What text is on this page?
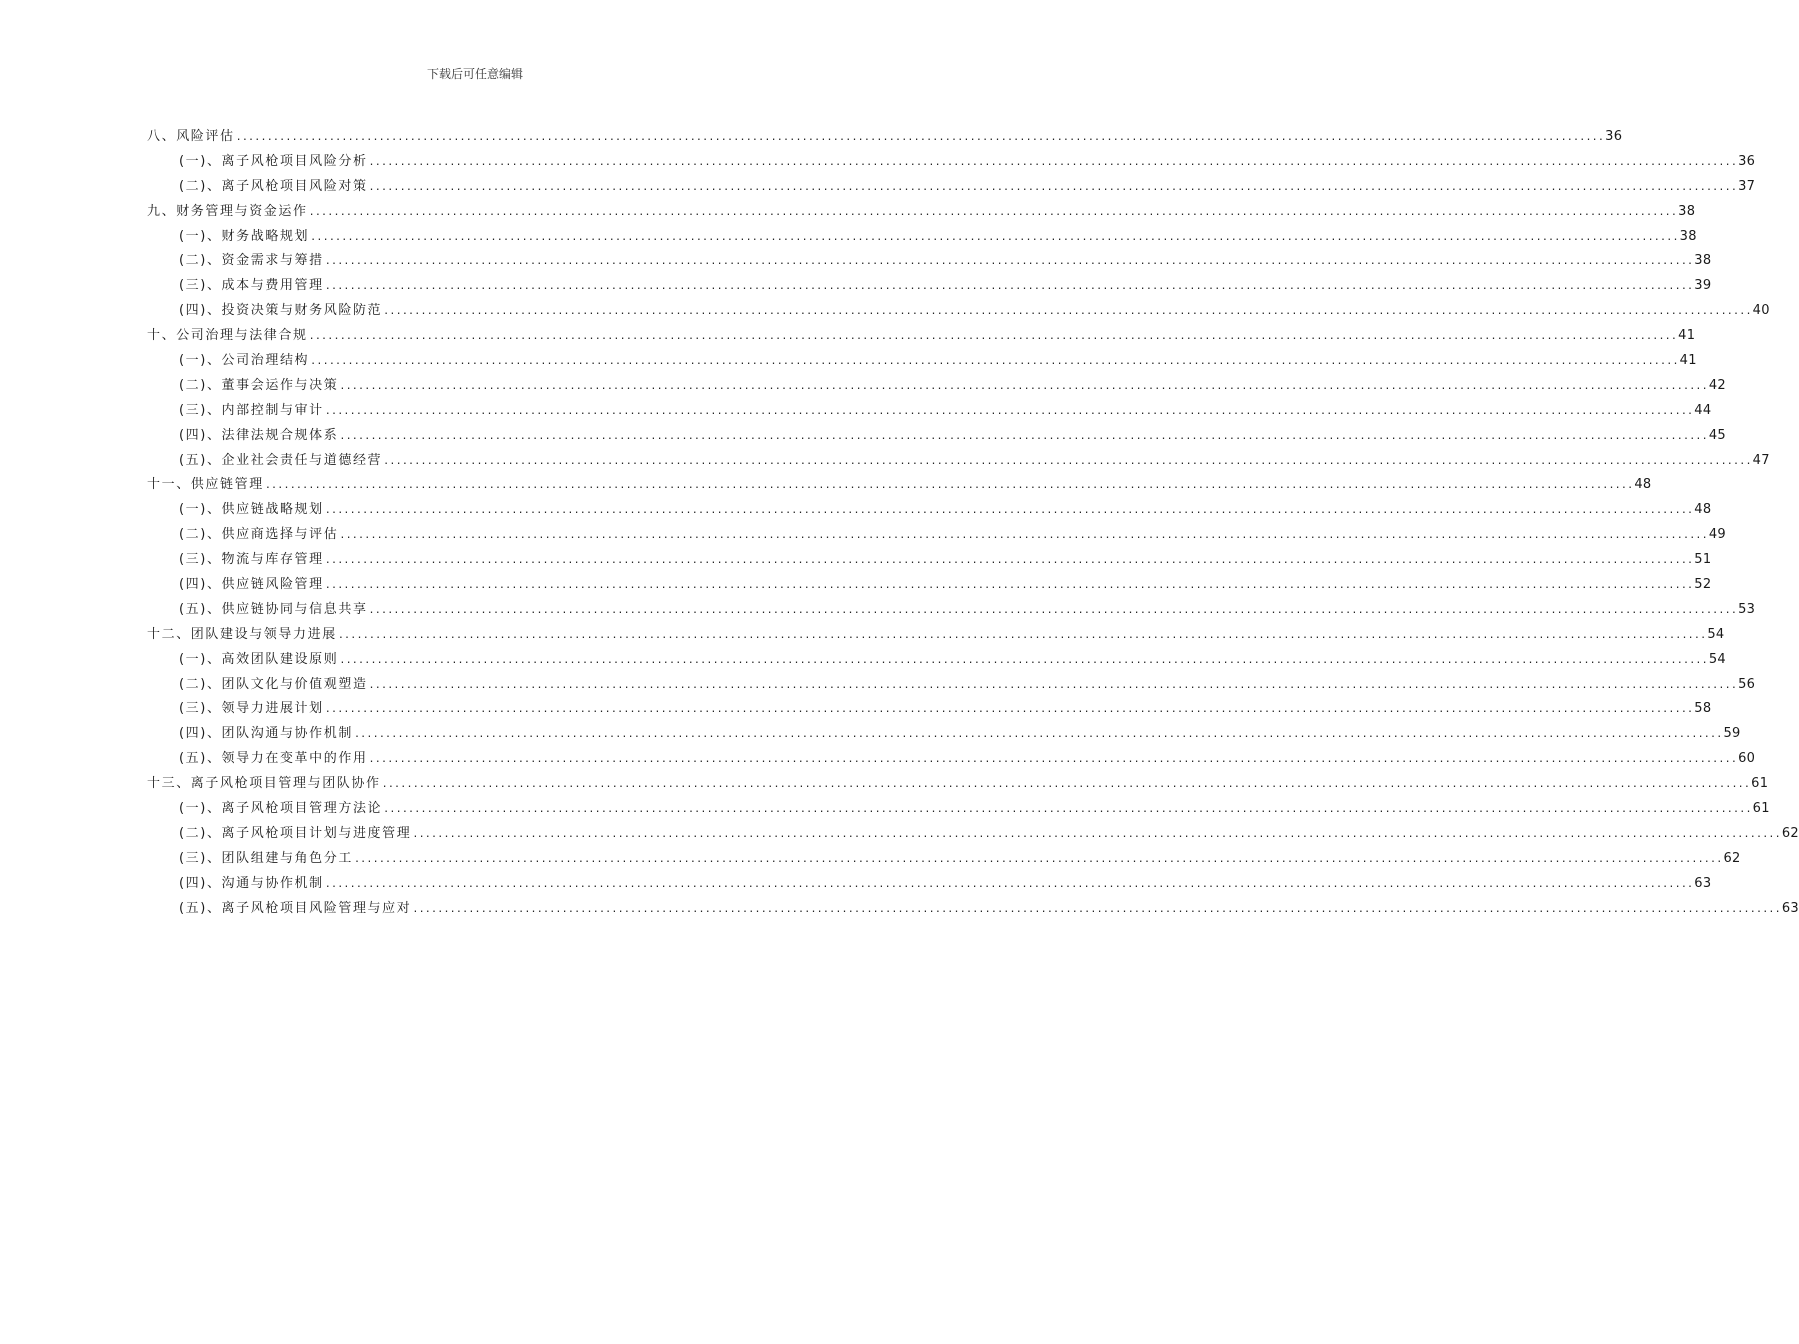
下载后可任意编辑
八、风险评估 ............................................................................................................................................................................................................................ 36
(一)、离子风枪项目风险分析 ............................................................................................................................................................................................................................ 36
(二)、离子风枪项目风险对策 ............................................................................................................................................................................................................................ 37
九、财务管理与资金运作 ............................................................................................................................................................................................................................ 38
(一)、财务战略规划 ............................................................................................................................................................................................................................ 38
(二)、资金需求与筹措 ............................................................................................................................................................................................................................ 38
(三)、成本与费用管理 ............................................................................................................................................................................................................................ 39
(四)、投资决策与财务风险防范 ............................................................................................................................................................................................................................ 40
十、公司治理与法律合规 ............................................................................................................................................................................................................................ 41
(一)、公司治理结构 ............................................................................................................................................................................................................................ 41
(二)、董事会运作与决策 ............................................................................................................................................................................................................................ 42
(三)、内部控制与审计 ............................................................................................................................................................................................................................ 44
(四)、法律法规合规体系 ............................................................................................................................................................................................................................ 45
(五)、企业社会责任与道德经营 ............................................................................................................................................................................................................................ 47
十一、供应链管理 ............................................................................................................................................................................................................................ 48
(一)、供应链战略规划 ............................................................................................................................................................................................................................ 48
(二)、供应商选择与评估 ............................................................................................................................................................................................................................ 49
(三)、物流与库存管理 ............................................................................................................................................................................................................................ 51
(四)、供应链风险管理 ............................................................................................................................................................................................................................ 52
(五)、供应链协同与信息共享 ............................................................................................................................................................................................................................ 53
十二、团队建设与领导力进展 ............................................................................................................................................................................................................................ 54
(一)、高效团队建设原则 ............................................................................................................................................................................................................................ 54
(二)、团队文化与价值观塑造 ............................................................................................................................................................................................................................ 56
(三)、领导力进展计划 ............................................................................................................................................................................................................................ 58
(四)、团队沟通与协作机制 ............................................................................................................................................................................................................................ 59
(五)、领导力在变革中的作用 ............................................................................................................................................................................................................................ 60
十三、离子风枪项目管理与团队协作 ............................................................................................................................................................................................................................ 61
(一)、离子风枪项目管理方法论 ............................................................................................................................................................................................................................ 61
(二)、离子风枪项目计划与进度管理 ............................................................................................................................................................................................................................ 62
(三)、团队组建与角色分工 ............................................................................................................................................................................................................................ 62
(四)、沟通与协作机制 ............................................................................................................................................................................................................................ 63
(五)、离子风枪项目风险管理与应对 ............................................................................................................................................................................................................................ 63
